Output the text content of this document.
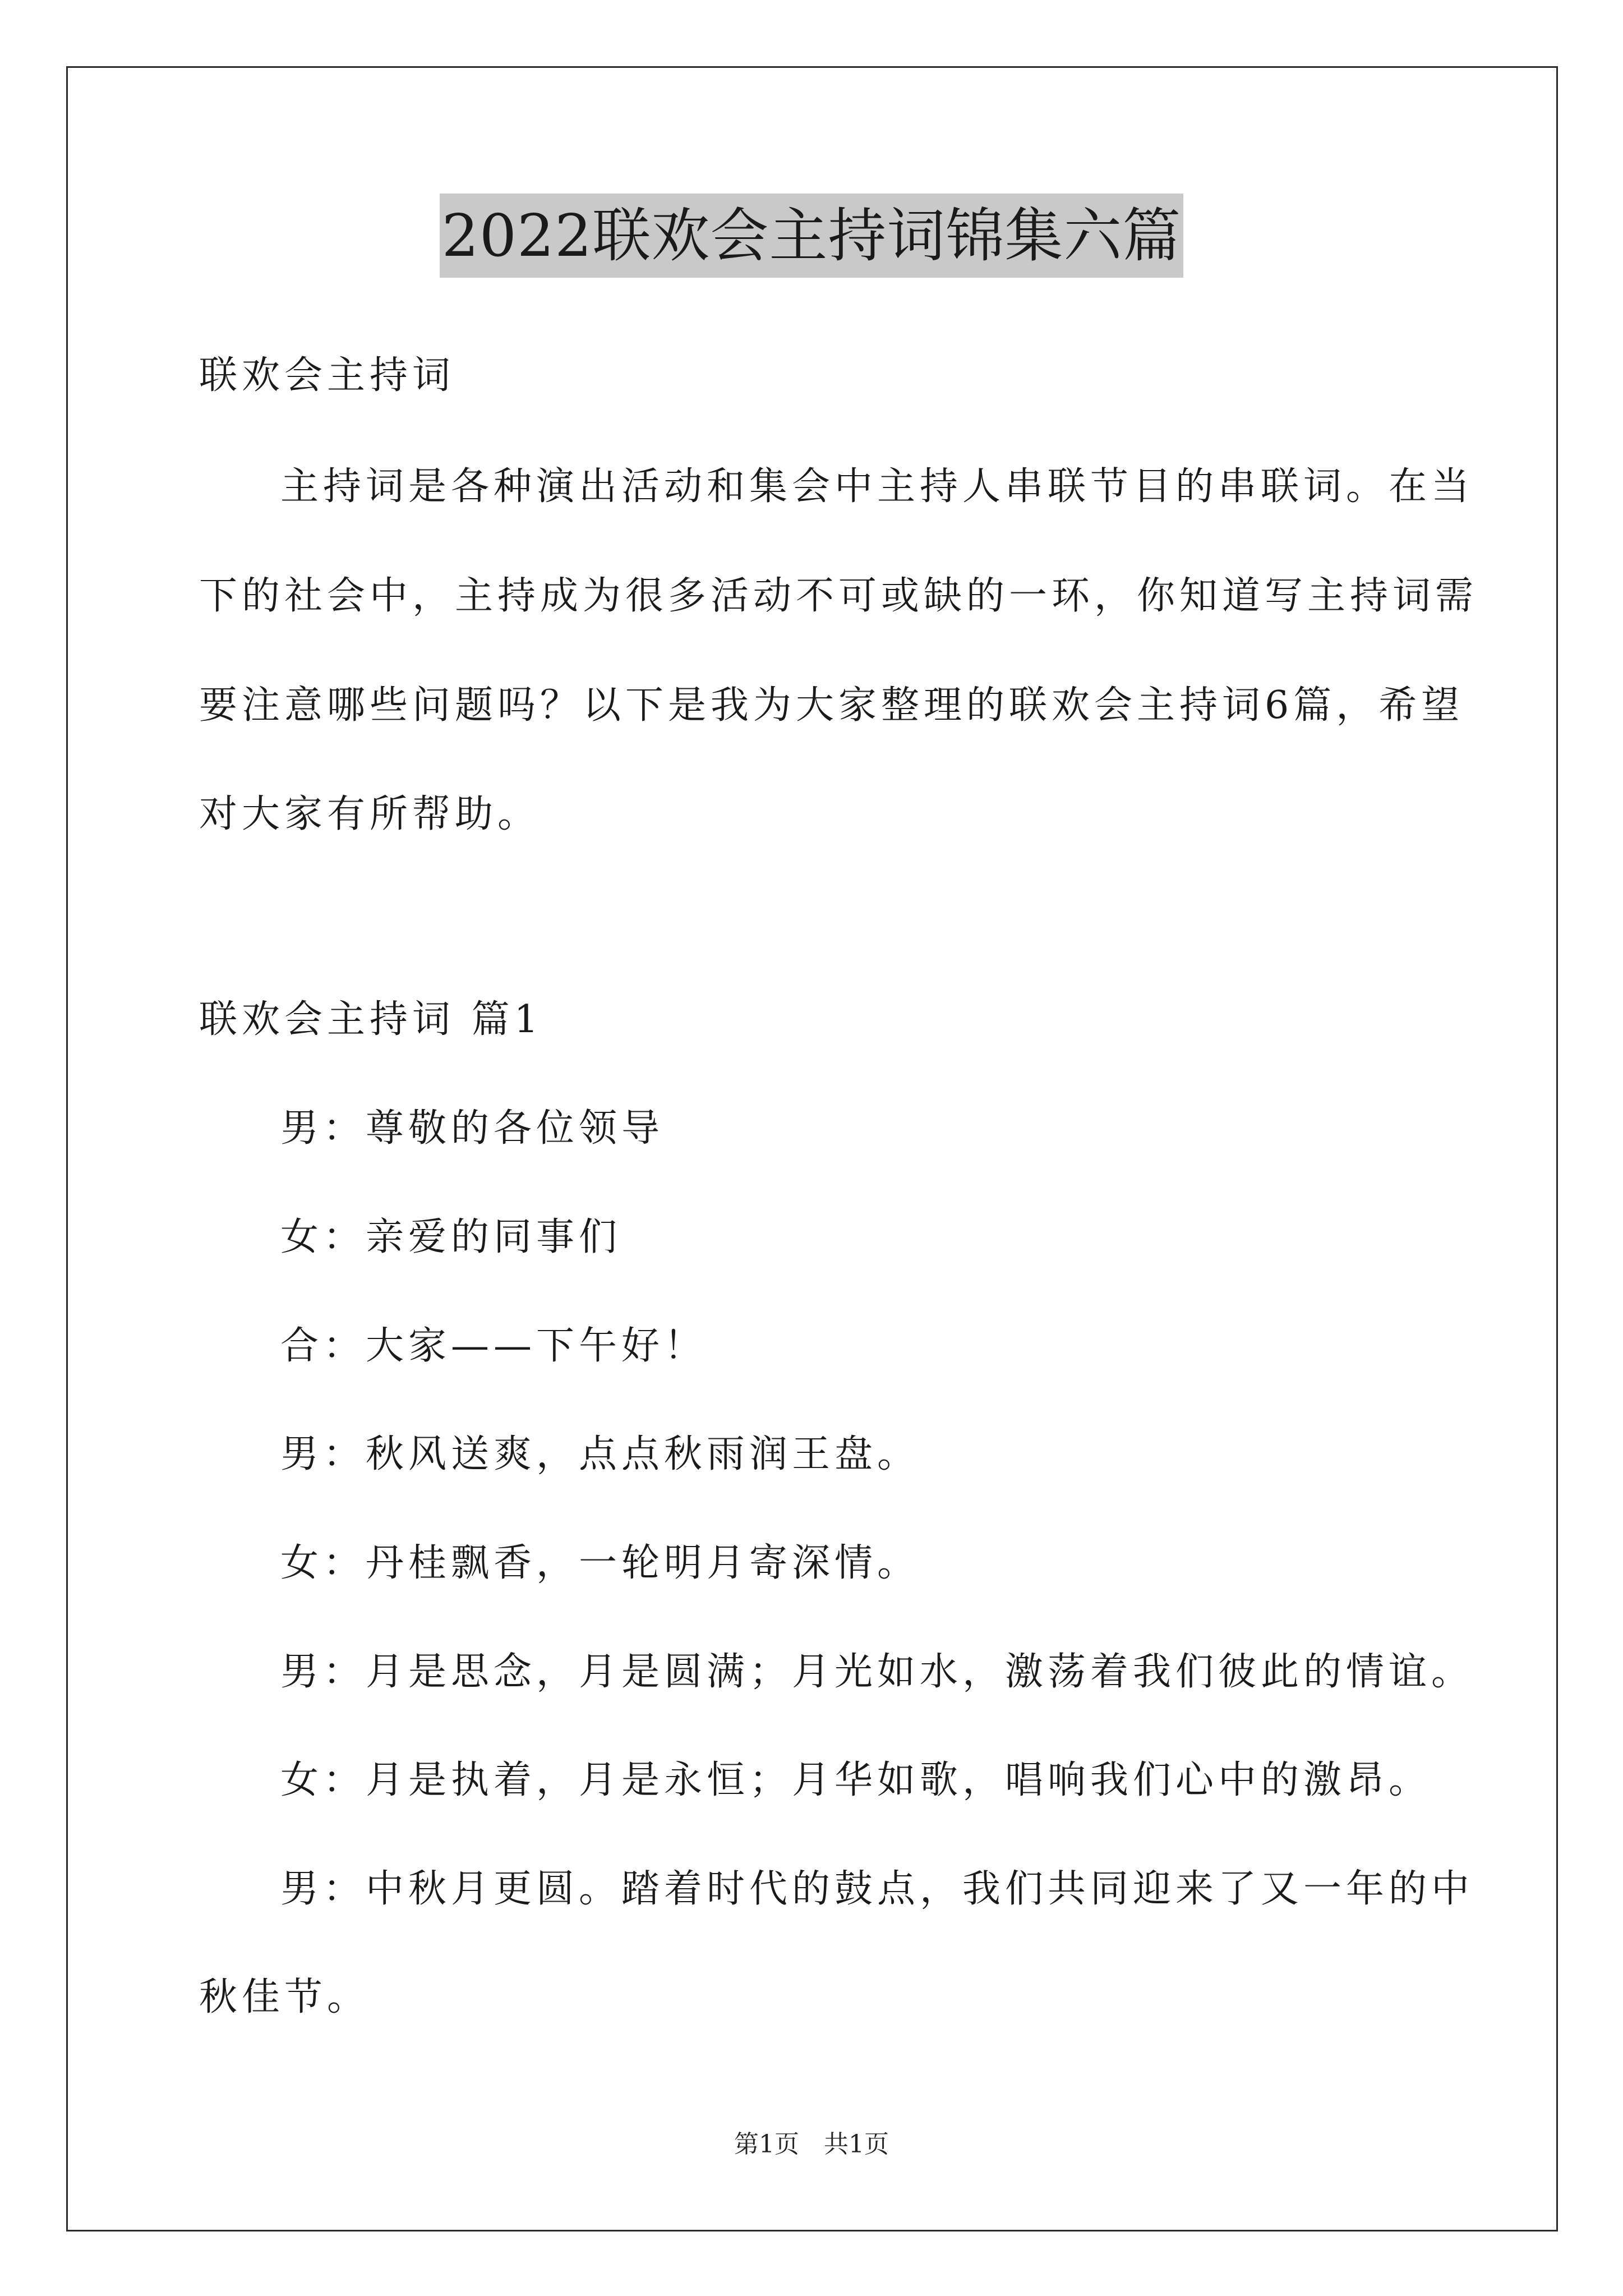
2022联欢会主持词锦集六篇
联欢会主持词
主持词是各种演出活动和集会中主持人串联节目的串联词。在当
下的社会中，主持成为很多活动不可或缺的一环，你知道写主持词需
要注意哪些问题吗？以下是我为大家整理的联欢会主持词6篇，希望
对大家有所帮助。
联欢会主持词 篇1
男：尊敬的各位领导
女：亲爱的同事们
合：大家——下午好！
男：秋风送爽，点点秋雨润王盘。
女：丹桂飘香，一轮明月寄深情。
男：月是思念，月是圆满；月光如水，激荡着我们彼此的情谊。
女：月是执着，月是永恒；月华如歌，唱响我们心中的激昂。
男：中秋月更圆。踏着时代的鼓点，我们共同迎来了又一年的中
秋佳节。
第1页　共1页
